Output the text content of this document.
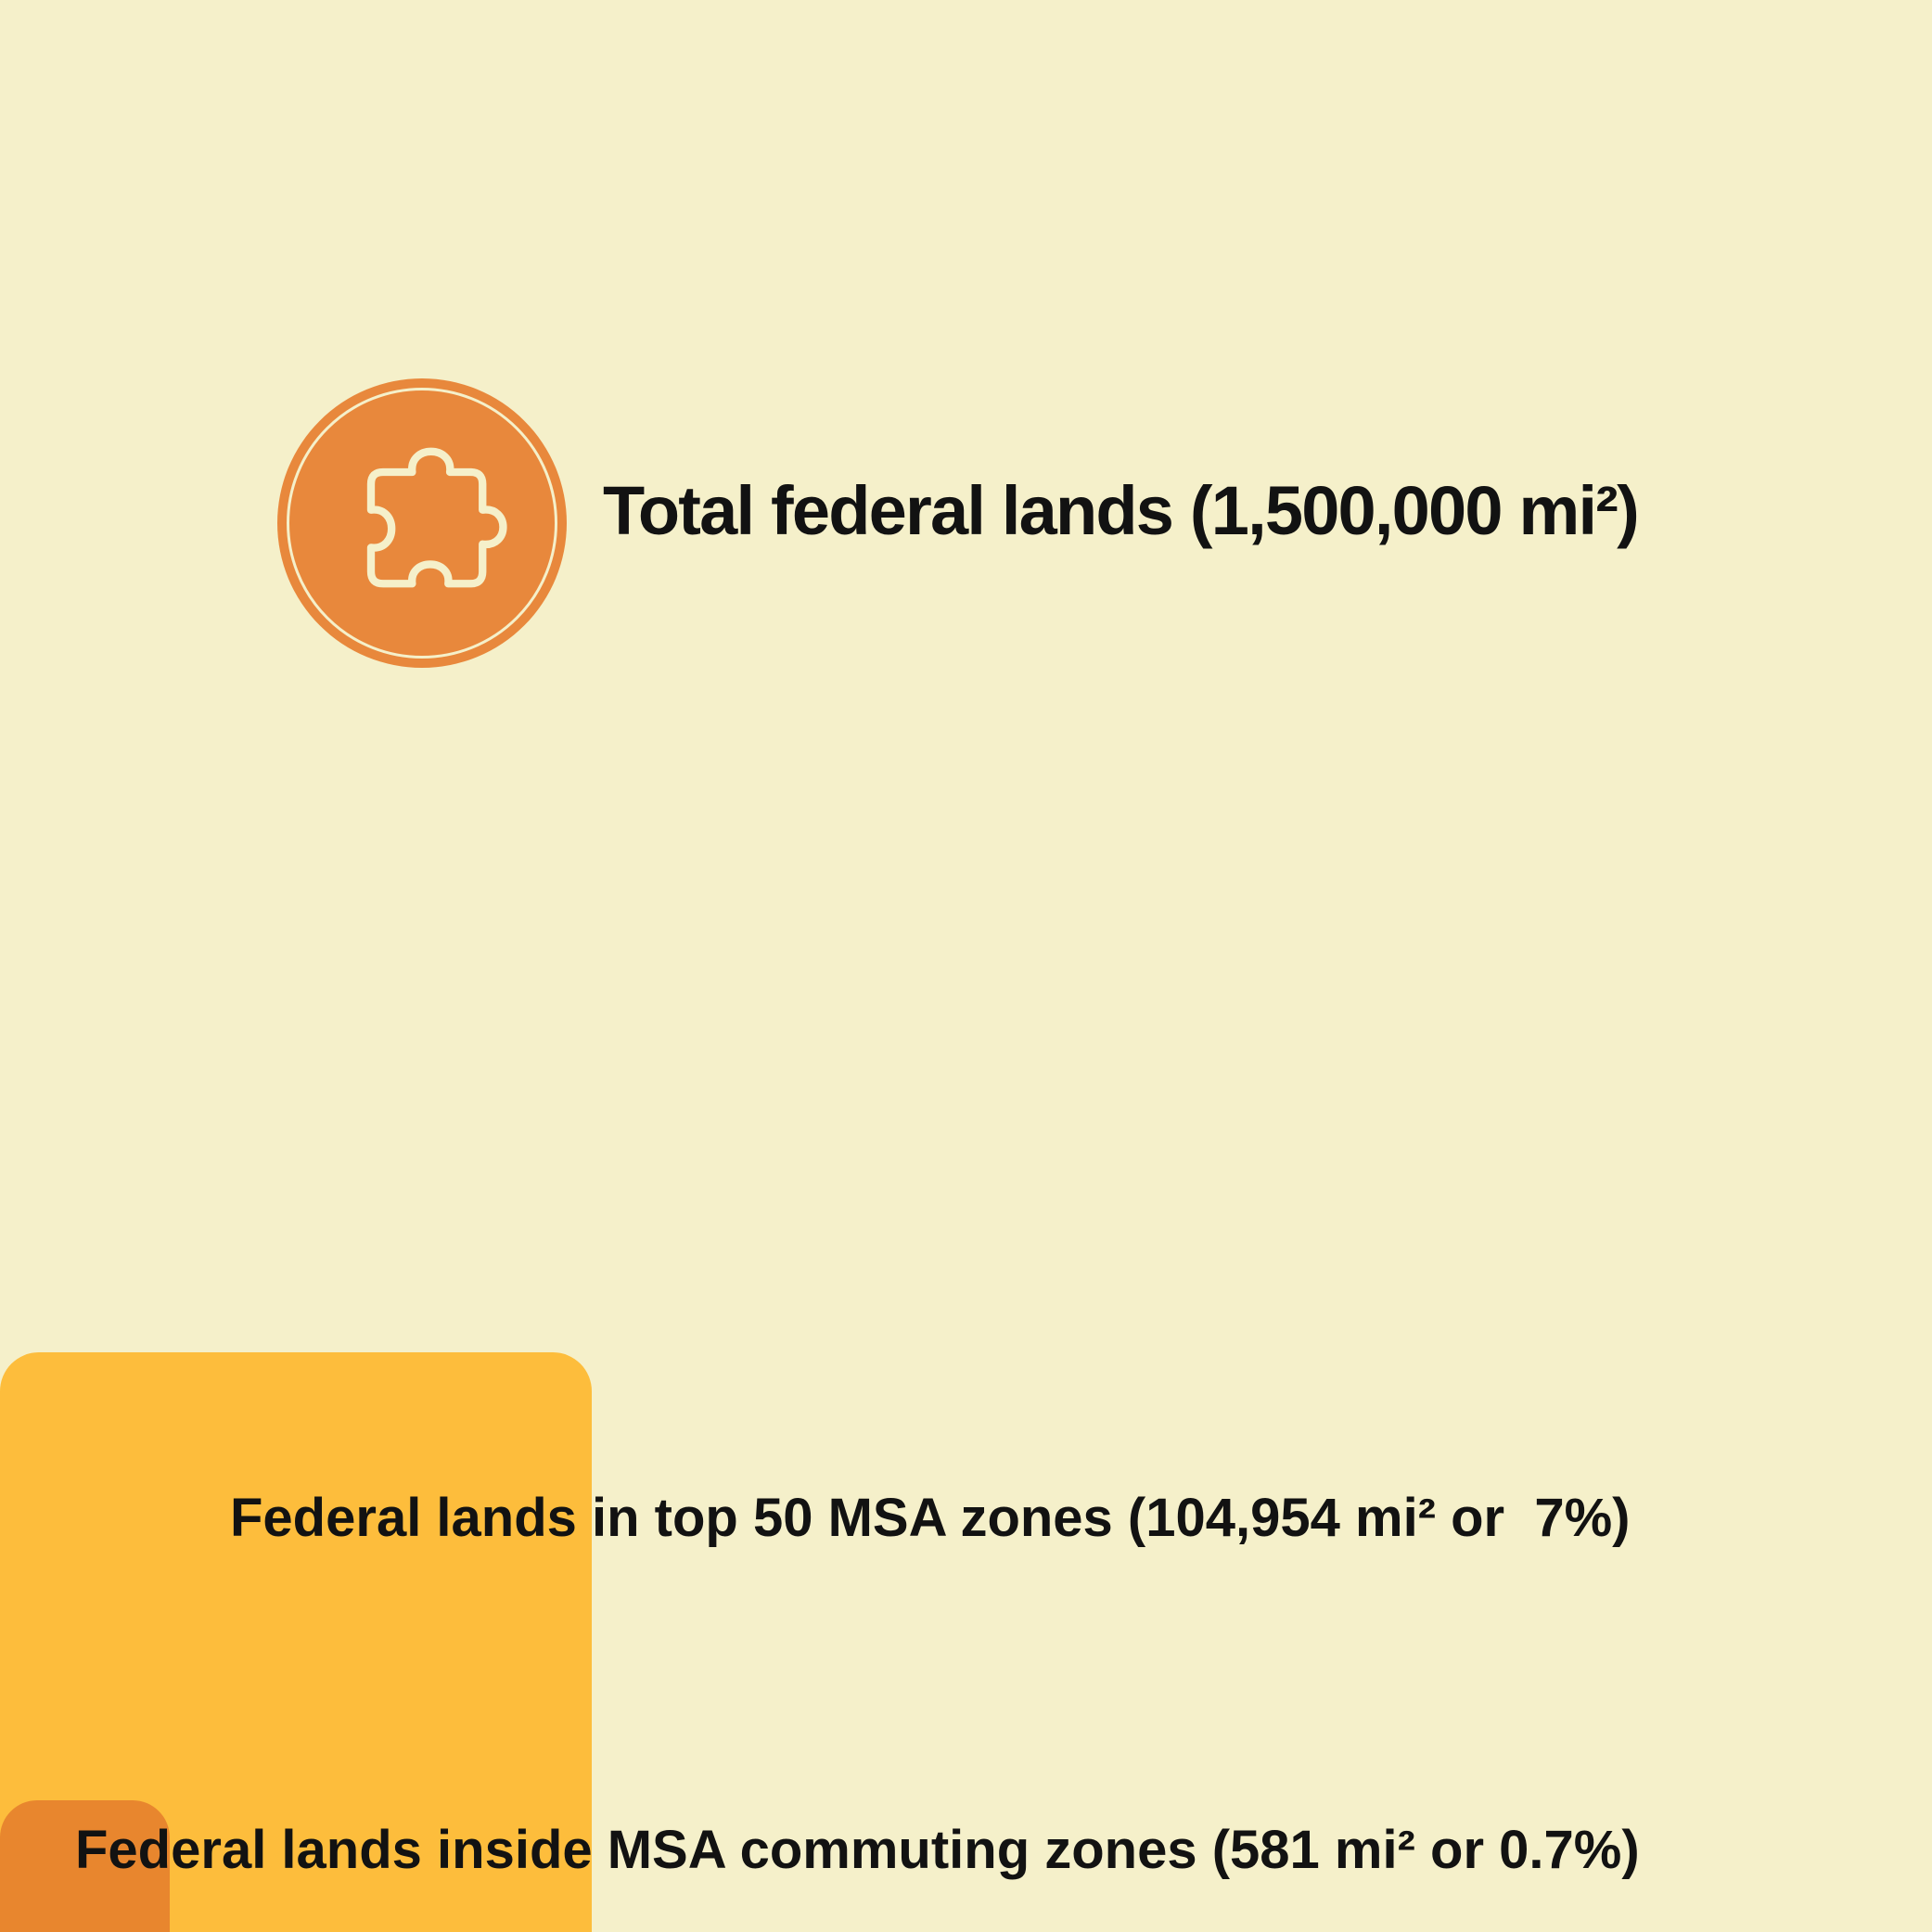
Total federal lands (1,500,000 mi²)
Federal lands in top 50 MSA zones (104,954 mi² or  7%)
Federal lands inside MSA commuting zones (581 mi² or 0.7%)
